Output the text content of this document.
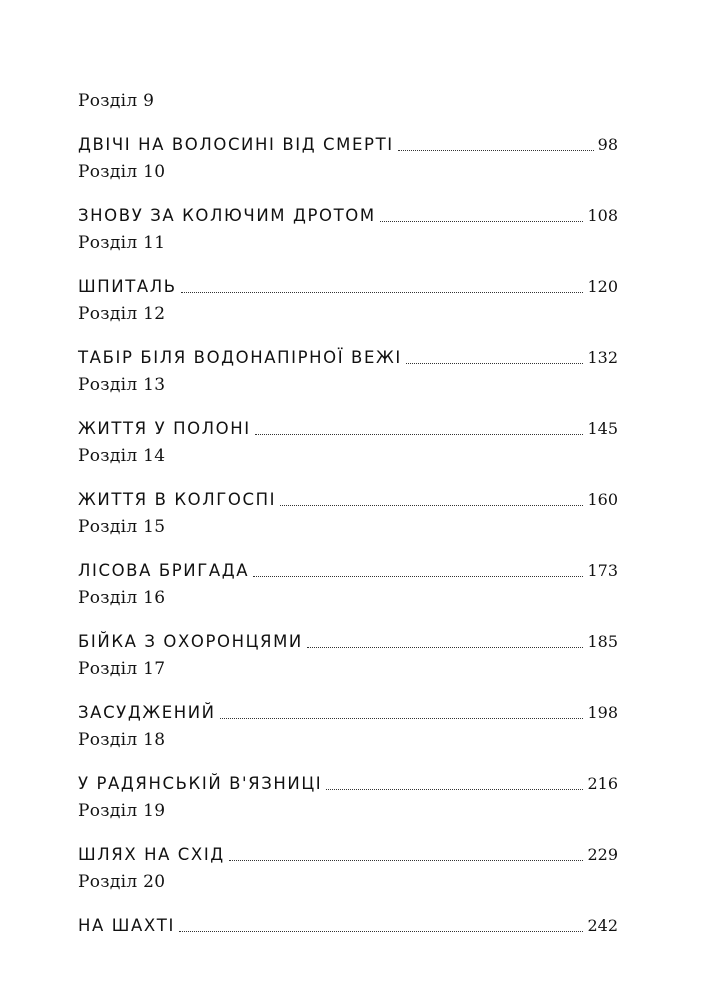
Розділ 9
ДВІЧІ НА ВОЛОСИНІ ВІД СМЕРТІ	98
Розділ 10
ЗНОВУ ЗА КОЛЮЧИМ ДРОТОМ	108
Розділ 11
ШПИТАЛЬ	120
Розділ 12
ТАБІР БІЛЯ ВОДОНАПІРНОЇ ВЕЖІ	132
Розділ 13
ЖИТТЯ У ПОЛОНІ	145
Розділ 14
ЖИТТЯ В КОЛГОСПІ	160
Розділ 15
ЛІСОВА БРИГАДА	173
Розділ 16
БІЙКА З ОХОРОНЦЯМИ	185
Розділ 17
ЗАСУДЖЕНИЙ	198
Розділ 18
У РАДЯНСЬКІЙ В'ЯЗНИЦІ	216
Розділ 19
ШЛЯХ НА СХІД	229
Розділ 20
НА ШАХТІ	242
